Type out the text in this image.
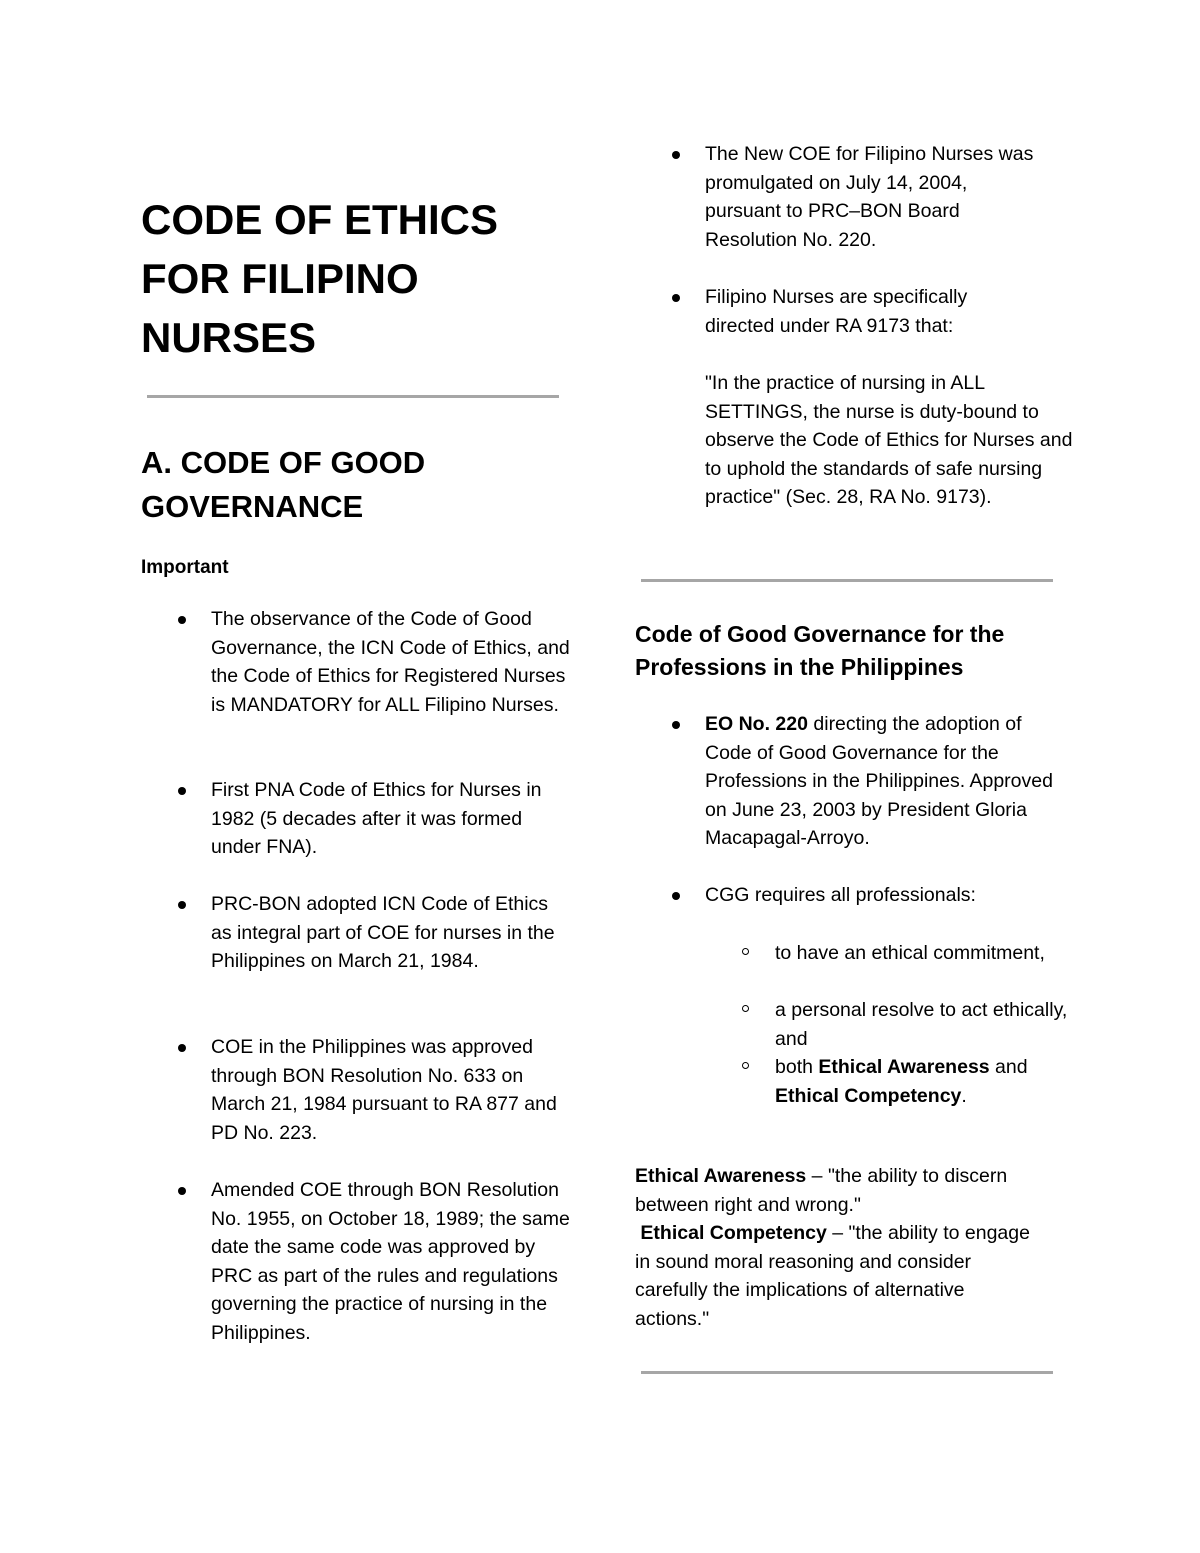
CODE OF ETHICS FOR FILIPINO NURSES
A. CODE OF GOOD GOVERNANCE
Important
The observance of the Code of Good Governance, the ICN Code of Ethics, and the Code of Ethics for Registered Nurses is MANDATORY for ALL Filipino Nurses.
First PNA Code of Ethics for Nurses in 1982 (5 decades after it was formed under FNA).
PRC-BON adopted ICN Code of Ethics as integral part of COE for nurses in the Philippines on March 21, 1984.
COE in the Philippines was approved through BON Resolution No. 633 on March 21, 1984 pursuant to RA 877 and PD No. 223.
Amended COE through BON Resolution No. 1955, on October 18, 1989; the same date the same code was approved by PRC as part of the rules and regulations governing the practice of nursing in the Philippines.
The New COE for Filipino Nurses was promulgated on July 14, 2004, pursuant to PRC–BON Board Resolution No. 220.
Filipino Nurses are specifically directed under RA 9173 that:
"In the practice of nursing in ALL SETTINGS, the nurse is duty-bound to observe the Code of Ethics for Nurses and to uphold the standards of safe nursing practice" (Sec. 28, RA No. 9173).
Code of Good Governance for the Professions in the Philippines
EO No. 220 directing the adoption of Code of Good Governance for the Professions in the Philippines. Approved on June 23, 2003 by President Gloria Macapagal-Arroyo.
CGG requires all professionals:
to have an ethical commitment,
a personal resolve to act ethically, and
both Ethical Awareness and Ethical Competency.
Ethical Awareness – "the ability to discern between right and wrong."
Ethical Competency – "the ability to engage in sound moral reasoning and consider carefully the implications of alternative actions."
